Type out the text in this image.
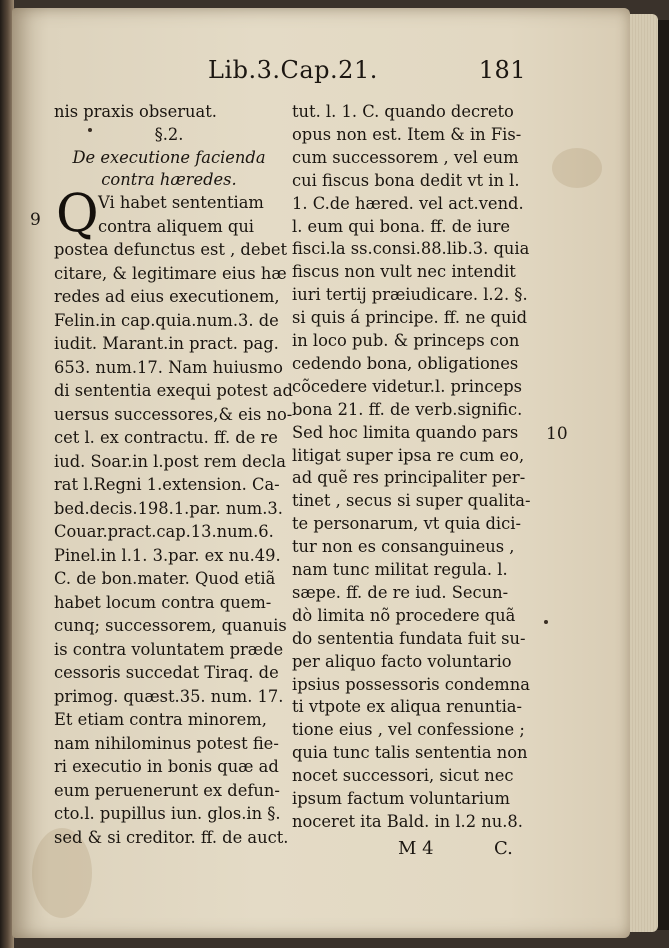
Lib.3.Cap.21.	181
9
10
nis praxis obseruat.
§.2.
De executione facienda
contra hæredes.
Q Vi habet sententiam
contra aliquem qui
postea defunctus est , debet
citare, & legitimare eius hæ
redes ad eius executionem,
Felin.in cap.quia.num.3. de
iudit. Marant.in pract. pag.
653. num.17. Nam huiusmo
di sententia exequi potest ad
uersus successores,& eis no-
cet l. ex contractu. ff. de re
iud. Soar.in l.post rem decla
rat l.Regni 1.extension. Ca-
bed.decis.198.1.par. num.3.
Couar.pract.cap.13.num.6.
Pinel.in l.1. 3.par. ex nu.49.
C. de bon.mater. Quod etiã
habet locum contra quem-
cunq; successorem, quanuis
is contra voluntatem præde
cessoris succedat Tiraq. de
primog. quæst.35. num. 17.
Et etiam contra minorem,
nam nihilominus potest fie-
ri executio in bonis quæ ad
eum peruenerunt ex defun-
cto.l. pupillus iun. glos.in §.
sed & si creditor. ff. de auct.
tut. l. 1. C. quando decreto
opus non est. Item & in Fis-
cum successorem , vel eum
cui fiscus bona dedit vt in l.
1. C.de hæred. vel act.vend.
l. eum qui bona. ff. de iure
fisci.la ss.consi.88.lib.3. quia
fiscus non vult nec intendit
iuri tertij præiudicare. l.2. §.
si quis á principe. ff. ne quid
in loco pub. & princeps con
cedendo bona, obligationes
cõcedere videtur.l. princeps
bona 21. ff. de verb.signific.
Sed hoc limita quando pars
litigat super ipsa re cum eo,
ad quẽ res principaliter per-
tinet , secus si super qualita-
te personarum, vt quia dici-
tur non es consanguineus ,
nam tunc militat regula. l.
sæpe. ff. de re iud. Secun-
dò limita nõ procedere quã
do sententia fundata fuit su-
per aliquo facto voluntario
ipsius possessoris condemna
ti vtpote ex aliqua renuntia-
tione eius , vel confessione ;
quia tunc talis sententia non
nocet successori, sicut nec
ipsum factum voluntarium
noceret ita Bald. in l.2 nu.8.
M 4	C.
